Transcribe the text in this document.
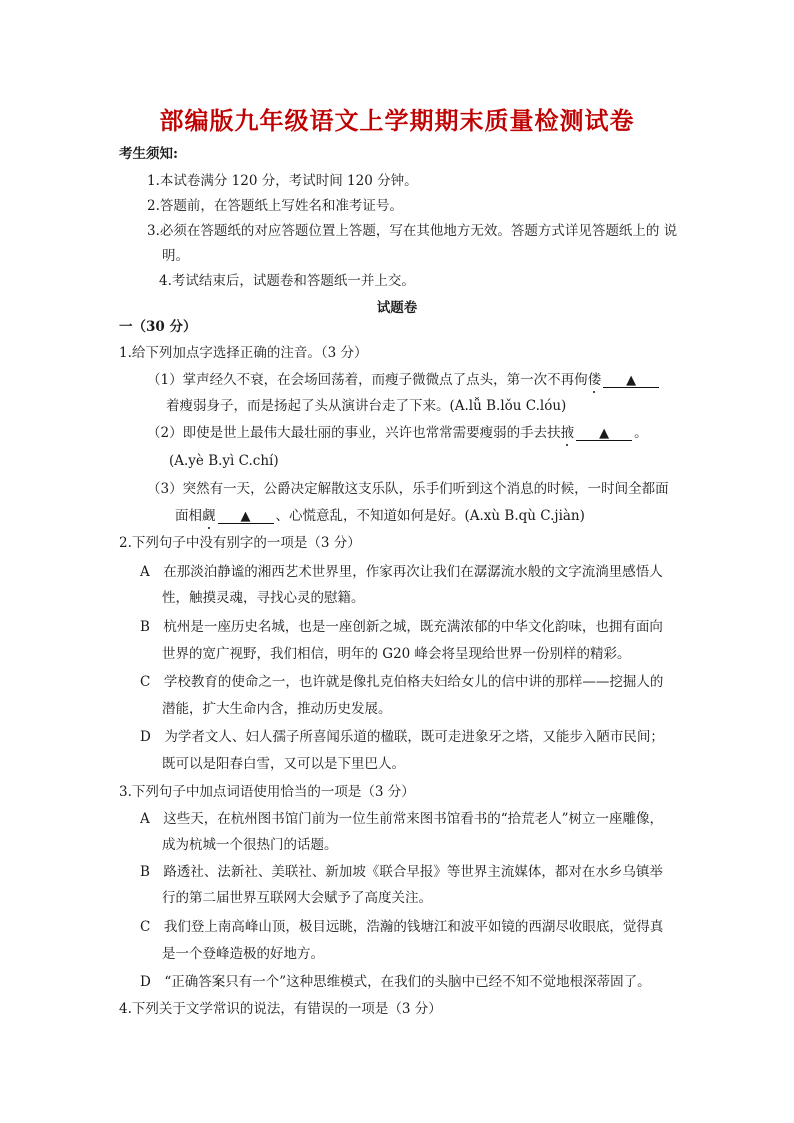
部编版九年级语文上学期期末质量检测试卷
考生须知:
1.本试卷满分 120 分，考试时间 120 分钟。
2.答题前，在答题纸上写姓名和准考证号。
3.必须在答题纸的对应答题位置上答题，写在其他地方无效。答题方式详见答题纸上的 说
明。
4.考试结束后，试题卷和答题纸一并上交。
试题卷
一（30 分）
1.给下列加点字选择正确的注音。（3 分）
（1）掌声经久不衰，在会场回荡着，而瘦子微微点了点头，第一次不再佝偻 ▲
着瘦弱身子，而是扬起了头从演讲台走了下来。(A.lǚ B.lǒu C.lóu)
（2）即使是世上最伟大最壮丽的事业，兴许也常常需要瘦弱的手去扶掖 ▲ 。
(A.yè B.yì C.chí)
（3）突然有一天，公爵决定解散这支乐队，乐手们听到这个消息的时候，一时间全都面
面相觑 ▲ 、心慌意乱，不知道如何是好。(A.xù B.qù C.jiàn)
2.下列句子中没有别字的一项是（3 分）
A　在那淡泊静谧的湘西艺术世界里，作家再次让我们在潺潺流水般的文字流淌里感悟人
性，触摸灵魂，寻找心灵的慰籍。
B　杭州是一座历史名城，也是一座创新之城，既充满浓郁的中华文化韵味，也拥有面向
世界的宽广视野，我们相信，明年的 G20 峰会将呈现给世界一份别样的精彩。
C　学校教育的使命之一，也许就是像扎克伯格夫妇给女儿的信中讲的那样——挖掘人的
潜能，扩大生命内含，推动历史发展。
D　为学者文人、妇人孺子所喜闻乐道的楹联，既可走进象牙之塔，又能步入陋市民间；
既可以是阳春白雪，又可以是下里巴人。
3.下列句子中加点词语使用恰当的一项是（3 分）
A　这些天，在杭州图书馆门前为一位生前常来图书馆看书的“拾荒老人”树立一座雕像，
成为杭城一个很热门的话题。
B　路透社、法新社、美联社、新加坡《联合早报》等世界主流媒体，都对在水乡乌镇举
行的第二届世界互联网大会赋予了高度关注。
C　我们登上南高峰山顶，极目远眺，浩瀚的钱塘江和波平如镜的西湖尽收眼底，觉得真
是一个登峰造极的好地方。
D　“正确答案只有一个”这种思维模式，在我们的头脑中已经不知不觉地根深蒂固了。
4.下列关于文学常识的说法，有错误的一项是（3 分）
